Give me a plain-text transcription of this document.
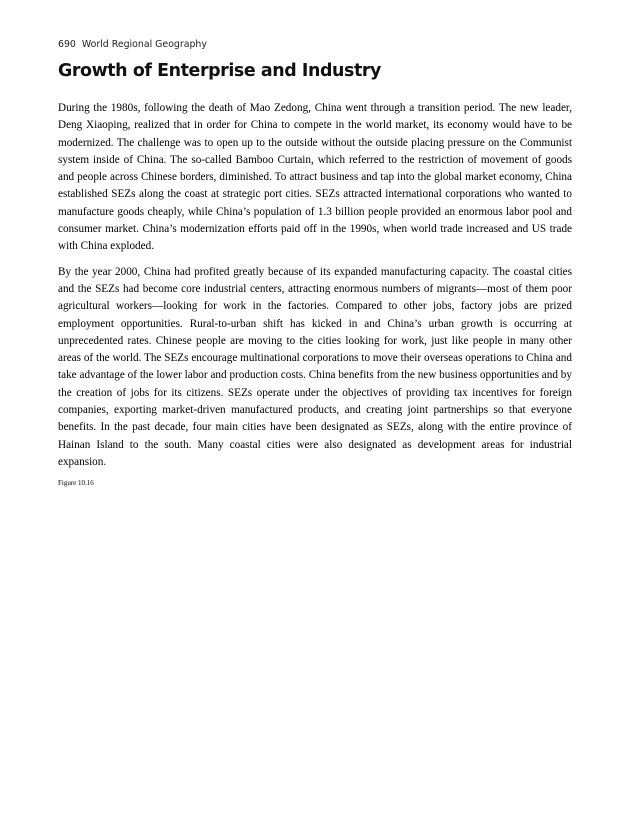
690 World Regional Geography
Growth of Enterprise and Industry

During the 1980s, following the death of Mao Zedong, China went through a transition period. The new leader, Deng Xiaoping, realized that in order for China to compete in the world market, its economy would have to be modernized. The challenge was to open up to the outside without the outside placing pressure on the Communist system inside of China. The so-called Bamboo Curtain, which referred to the restriction of movement of goods and people across Chinese borders, diminished. To attract business and tap into the global market economy, China established SEZs along the coast at strategic port cities. SEZs attracted international corporations who wanted to manufacture goods cheaply, while China’s population of 1.3 billion people provided an enormous labor pool and consumer market. China’s modernization efforts paid off in the 1990s, when world trade increased and US trade with China exploded.

By the year 2000, China had profited greatly because of its expanded manufacturing capacity. The coastal cities and the SEZs had become core industrial centers, attracting enormous numbers of migrants—most of them poor agricultural workers—looking for work in the factories. Compared to other jobs, factory jobs are prized employment opportunities. Rural-to-urban shift has kicked in and China’s urban growth is occurring at unprecedented rates. Chinese people are moving to the cities looking for work, just like people in many other areas of the world. The SEZs encourage multinational corporations to move their overseas operations to China and take advantage of the lower labor and production costs. China benefits from the new business opportunities and by the creation of jobs for its citizens. SEZs operate under the objectives of providing tax incentives for foreign companies, exporting market-driven manufactured products, and creating joint partnerships so that everyone benefits. In the past decade, four main cities have been designated as SEZs, along with the entire province of Hainan Island to the south. Many coastal cities were also designated as development areas for industrial expansion.

Figure 10.16
